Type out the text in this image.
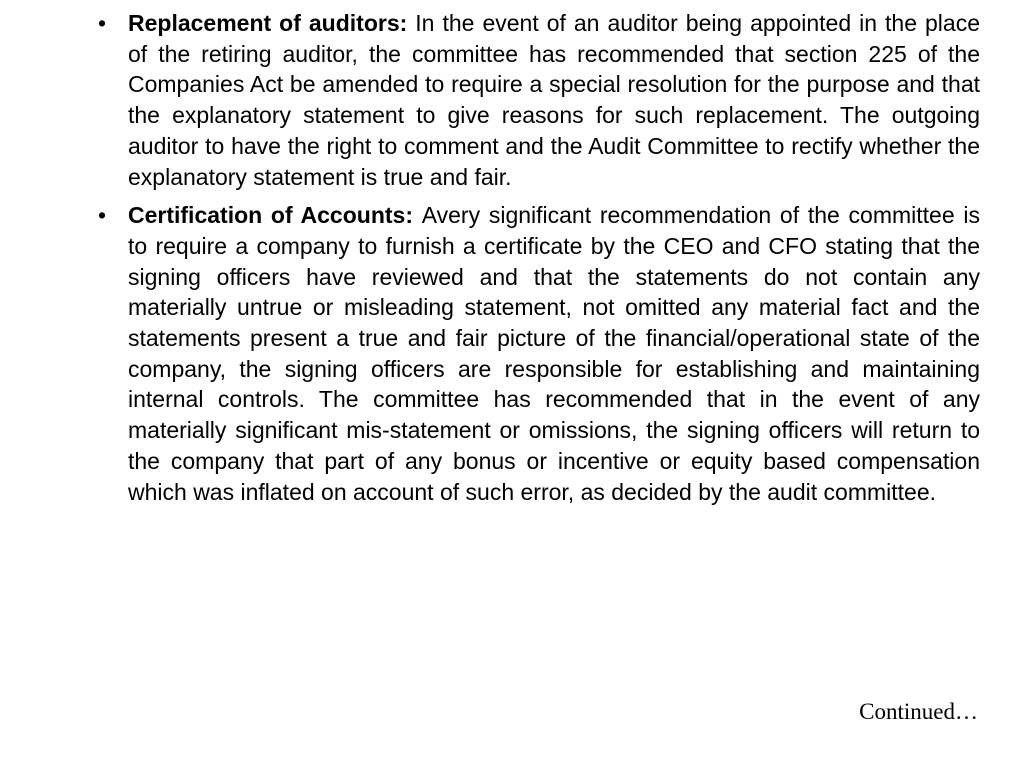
• Replacement of auditors: In the event of an auditor being appointed in the place of the retiring auditor, the committee has recommended that section 225 of the Companies Act be amended to require a special resolution for the purpose and that the explanatory statement to give reasons for such replacement. The outgoing auditor to have the right to comment and the Audit Committee to rectify whether the explanatory statement is true and fair.
• Certification of Accounts: Avery significant recommendation of the committee is to require a company to furnish a certificate by the CEO and CFO stating that the signing officers have reviewed and that the statements do not contain any materially untrue or misleading statement, not omitted any material fact and the statements present a true and fair picture of the financial/operational state of the company, the signing officers are responsible for establishing and maintaining internal controls. The committee has recommended that in the event of any materially significant mis-statement or omissions, the signing officers will return to the company that part of any bonus or incentive or equity based compensation which was inflated on account of such error, as decided by the audit committee.
Continued…
